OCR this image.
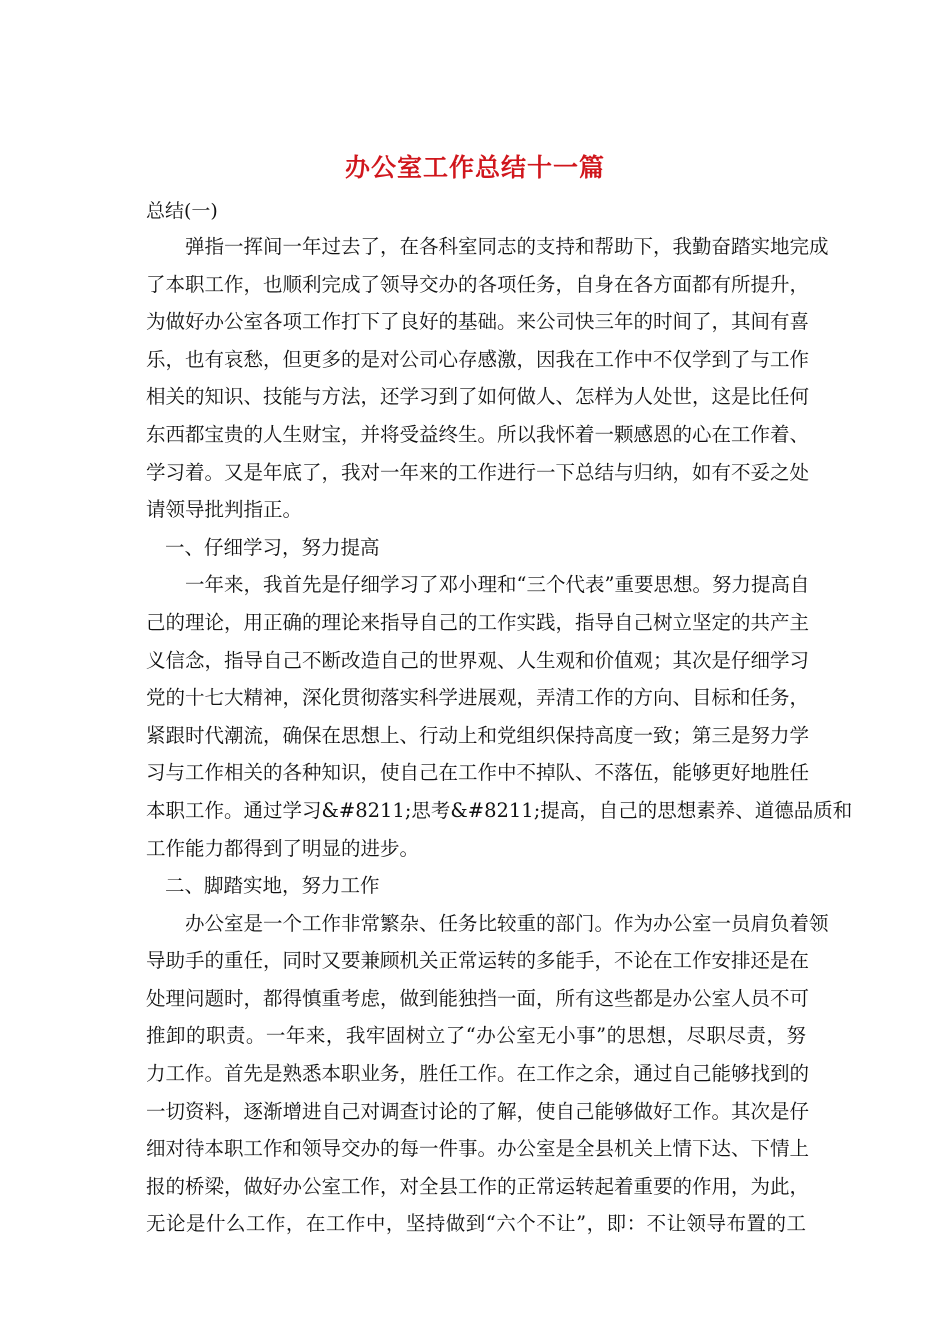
办公室工作总结十一篇
总结(一)
弹指一挥间一年过去了，在各科室同志的支持和帮助下，我勤奋踏实地完成
了本职工作，也顺利完成了领导交办的各项任务，自身在各方面都有所提升，
为做好办公室各项工作打下了良好的基础。来公司快三年的时间了，其间有喜
乐，也有哀愁，但更多的是对公司心存感激，因我在工作中不仅学到了与工作
相关的知识、技能与方法，还学习到了如何做人、怎样为人处世，这是比任何
东西都宝贵的人生财宝，并将受益终生。所以我怀着一颗感恩的心在工作着、
学习着。又是年底了，我对一年来的工作进行一下总结与归纳，如有不妥之处
请领导批判指正。
一、仔细学习，努力提高
一年来，我首先是仔细学习了邓小理和“三个代表”重要思想。努力提高自
己的理论，用正确的理论来指导自己的工作实践，指导自己树立坚定的共产主
义信念，指导自己不断改造自己的世界观、人生观和价值观；其次是仔细学习
党的十七大精神，深化贯彻落实科学进展观，弄清工作的方向、目标和任务，
紧跟时代潮流，确保在思想上、行动上和党组织保持高度一致；第三是努力学
习与工作相关的各种知识，使自己在工作中不掉队、不落伍，能够更好地胜任
本职工作。通过学习&#8211;思考&#8211;提高，自己的思想素养、道德品质和
工作能力都得到了明显的进步。
二、脚踏实地，努力工作
办公室是一个工作非常繁杂、任务比较重的部门。作为办公室一员肩负着领
导助手的重任，同时又要兼顾机关正常运转的多能手，不论在工作安排还是在
处理问题时，都得慎重考虑，做到能独挡一面，所有这些都是办公室人员不可
推卸的职责。一年来，我牢固树立了“办公室无小事”的思想，尽职尽责，努
力工作。首先是熟悉本职业务，胜任工作。在工作之余，通过自己能够找到的
一切资料，逐渐增进自己对调查讨论的了解，使自己能够做好工作。其次是仔
细对待本职工作和领导交办的每一件事。办公室是全县机关上情下达、下情上
报的桥梁，做好办公室工作，对全县工作的正常运转起着重要的作用，为此，
无论是什么工作，在工作中，坚持做到“六个不让”，即：不让领导布置的工
